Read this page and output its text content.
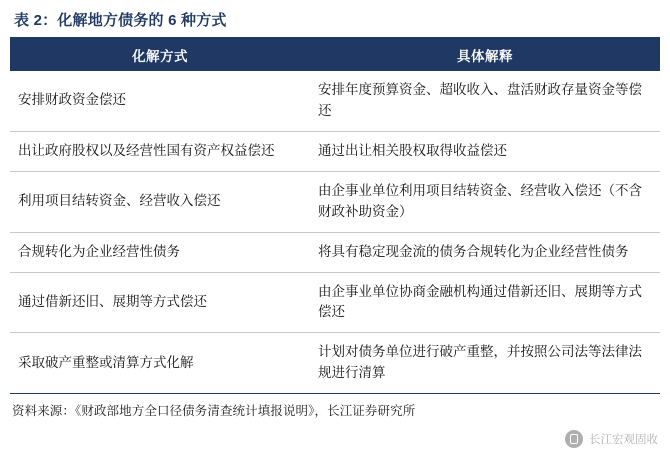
表 2：化解地方债务的 6 种方式
化解方式	具体解释
安排财政资金偿还	安排年度预算资金、超收收入、盘活财政存量资金等偿还
出让政府股权以及经营性国有资产权益偿还	通过出让相关股权取得收益偿还
利用项目结转资金、经营收入偿还	由企事业单位利用项目结转资金、经营收入偿还（不含财政补助资金）
合规转化为企业经营性债务	将具有稳定现金流的债务合规转化为企业经营性债务
通过借新还旧、展期等方式偿还	由企事业单位协商金融机构通过借新还旧、展期等方式偿还
采取破产重整或清算方式化解	计划对债务单位进行破产重整，并按照公司法等法律法规进行清算
资料来源：《财政部地方全口径债务清查统计填报说明》，长江证券研究所
长江宏观固收
